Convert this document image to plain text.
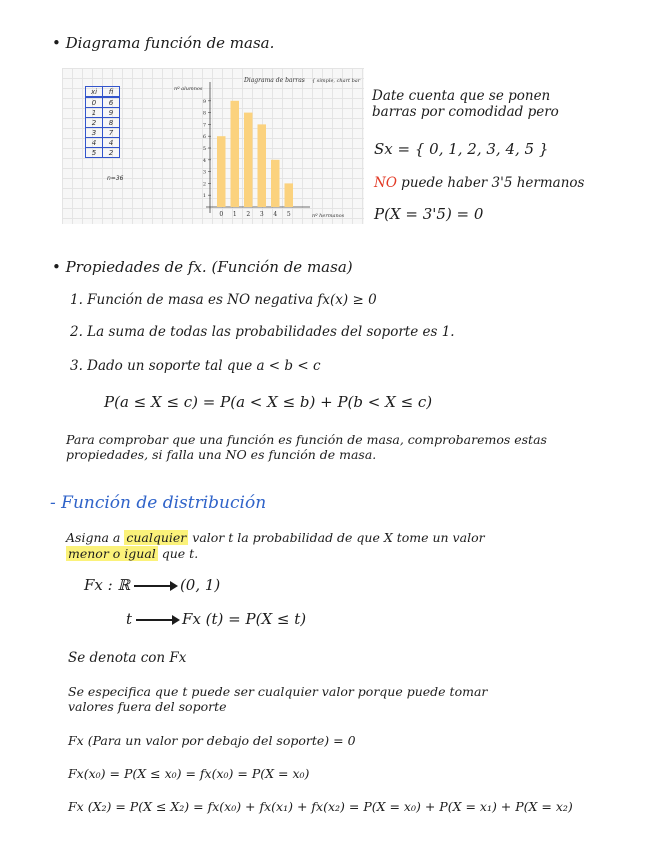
• Diagrama función de masa.
xi	fi
0	6
1	9
2	8
3	7
4	4
5	2
n=36
Diagrama de barras { simple, chart bar
nº alumnos
nº hermanos
0 1 2 3 4 5
1
2
3
4
5
6
7
8
9	Date cuenta que se ponen
barras por comodidad pero
Sx = { 0, 1, 2, 3, 4, 5 }
NO puede haber 3'5 hermanos
P(X = 3'5) = 0
• Propiedades de fx. (Función de masa)
1. Función de masa es NO negativa fx(x) ≥ 0
2. La suma de todas las probabilidades del soporte es 1.
3. Dado un soporte tal que a < b < c
P(a ≤ X ≤ c) = P(a < X ≤ b) + P(b < X ≤ c)
Para comprobar que una función es función de masa, comprobaremos estas
propiedades, si falla una NO es función de masa.
- Función de distribución
Asigna a cualquier valor t la probabilidad de que X tome un valor
menor o igual que t.
Fx : ℝ	(0, 1)
t	Fx (t) = P(X ≤ t)
Se denota con Fx
Se especifica que t puede ser cualquier valor porque puede tomar
valores fuera del soporte
Fx (Para un valor por debajo del soporte) = 0
Fx(x₀) = P(X ≤ x₀) = fx(x₀) = P(X = x₀)
Fx (X₂) = P(X ≤ X₂) = fx(x₀) + fx(x₁) + fx(x₂) = P(X = x₀) + P(X = x₁) + P(X = x₂)
